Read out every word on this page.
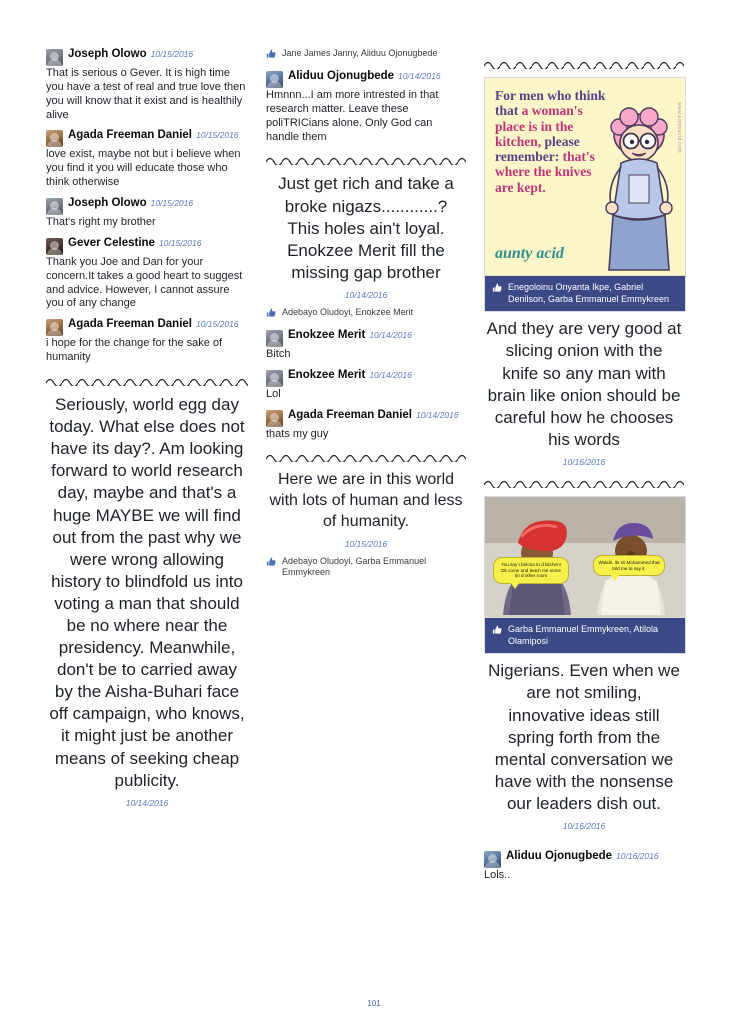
Joseph Olowo 10/15/2016
That is serious o Gever. It is high time you have a test of real and true love then you will know that it exist and is healthily alive
Agada Freeman Daniel 10/15/2016
love exist, maybe not but i believe when you find it you will educate those who think otherwise
Joseph Olowo 10/15/2016
That's right my brother
Gever Celestine 10/15/2016
Thank you Joe and Dan for your concern.It takes a good heart to suggest and advice. However, I cannot assure you of any change
Agada Freeman Daniel 10/15/2016
i hope for the change for the sake of humanity
Seriously, world egg day today. What else does not have its day?. Am looking forward to world research day, maybe and that's a huge MAYBE we will find out from the past why we were wrong allowing history to blindfold us into voting a man that should be no where near the presidency. Meanwhile, don't be to carried away by the Aisha-Buhari face off campaign, who knows, it might just be another means of seeking cheap publicity.
10/14/2016
Jane James Janny, Aliduu Ojonugbede
Aliduu Ojonugbede 10/14/2016
Hmnnn...I am more intrested in that research matter. Leave these poliTRICians alone. Only God can handle them
Just get rich and take a broke nigazs............? This holes ain't loyal. Enokzee Merit fill the missing gap brother
10/14/2016
Adebayo Oludoyi, Enokzee Merit
Enokzee Merit 10/14/2016
Bitch
Enokzee Merit 10/14/2016
Lol
Agada Freeman Daniel 10/14/2016
thats my guy
Here we are in this world with lots of human and less of humanity.
10/15/2016
Adebayo Oludoyi, Garba Emmanuel Emmykreen
For men who think that a woman's place is in the kitchen, please remember: that's where the knives are kept.
aunty acid
www.auntyacid.com
Enegoloinu Onyanta Ikpe, Gabriel Denilson, Garba Emmanuel Emmykreen
And they are very good at slicing onion with the knife so any man with brain like onion should be careful how he chooses his words
10/16/2016
You say I belona to d kitchen! Ok come and teach me some tin d other room
Walahi, its Izi Mohammed that told me to say it.
Garba Emmanuel Emmykreen, Atilola Olamiposi
Nigerians. Even when we are not smiling, innovative ideas still spring forth from the mental conversation we have with the nonsense our leaders dish out.
10/16/2016
Aliduu Ojonugbede 10/16/2016
Lols..
101
